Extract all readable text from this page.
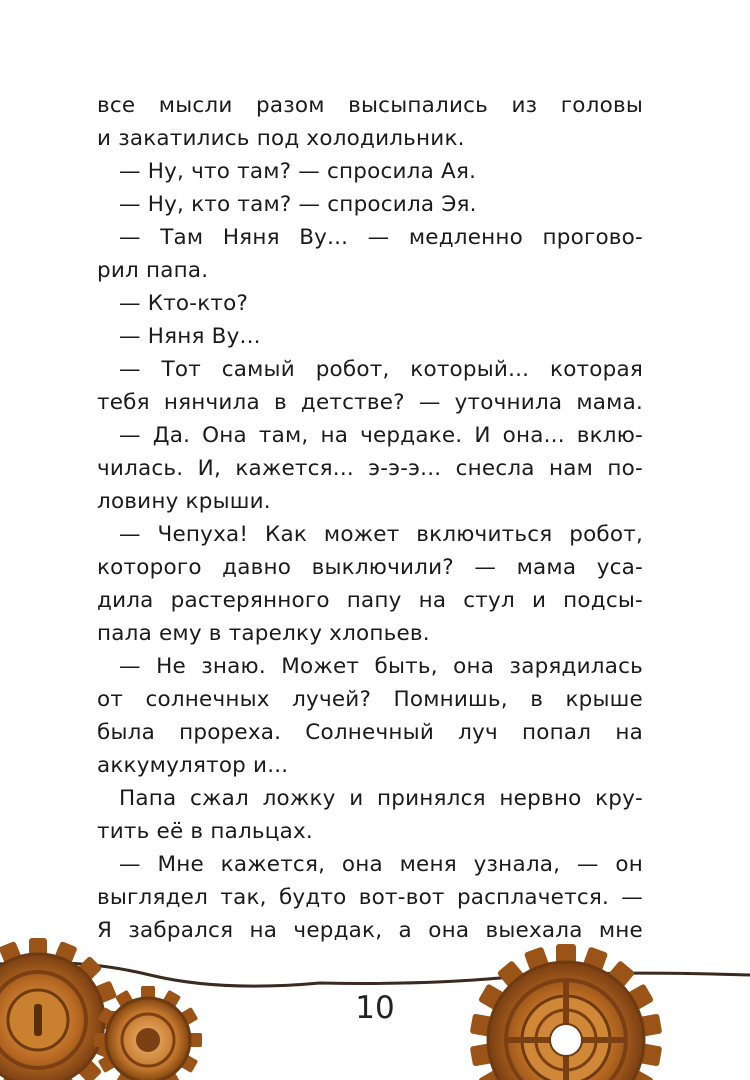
все мысли разом высыпались из головы
и закатились под холодильник.
— Ну, что там? — спросила Ая.
— Ну, кто там? — спросила Эя.
— Там Няня Ву... — медленно прогово-
рил папа.
— Кто-кто?
— Няня Ву...
— Тот самый робот, который... которая
тебя нянчила в детстве? — уточнила мама.
— Да. Она там, на чердаке. И она... вклю-
чилась. И, кажется... э-э-э... снесла нам по-
ловину крыши.
— Чепуха! Как может включиться робот,
которого давно выключили? — мама уса-
дила растерянного папу на стул и подсы-
пала ему в тарелку хлопьев.
— Не знаю. Может быть, она зарядилась
от солнечных лучей? Помнишь, в крыше
была прореха. Солнечный луч попал на
аккумулятор и...
Папа сжал ложку и принялся нервно кру-
тить её в пальцах.
— Мне кажется, она меня узнала, — он
выглядел так, будто вот-вот расплачется. —
Я забрался на чердак, а она выехала мне
10
